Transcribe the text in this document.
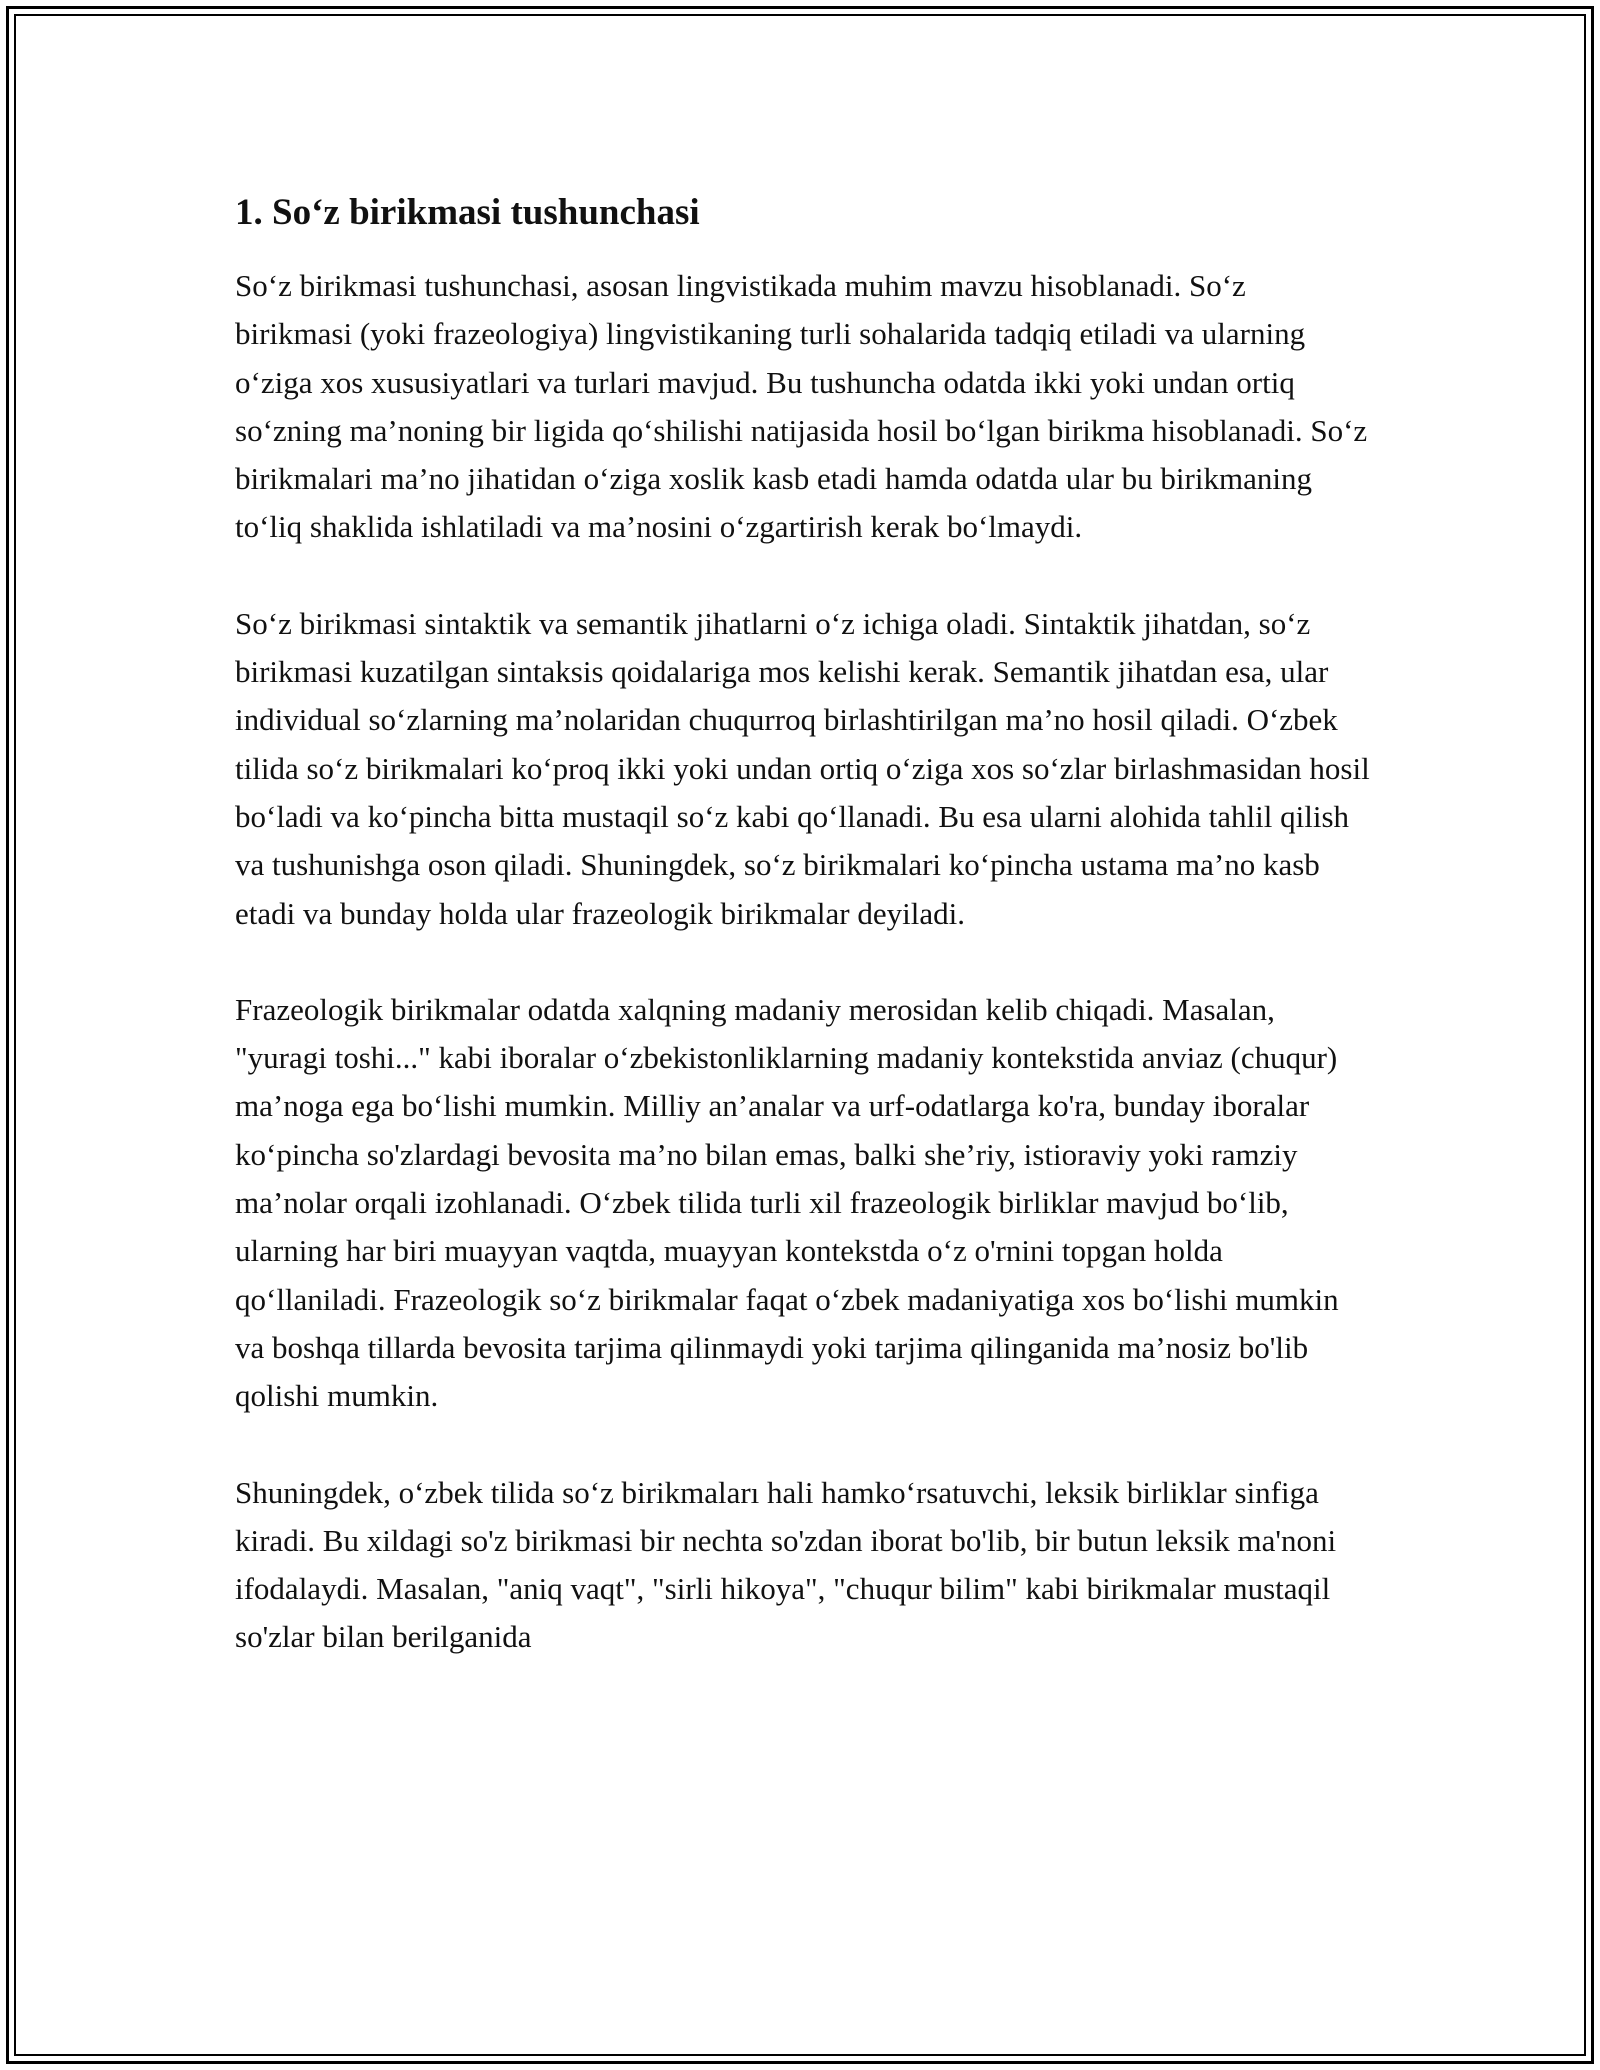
1. So‘z birikmasi tushunchasi

So‘z birikmasi tushunchasi, asosan lingvistikada muhim mavzu hisoblanadi. So‘z birikmasi (yoki frazeologiya) lingvistikaning turli sohalarida tadqiq etiladi va ularning o‘ziga xos xususiyatlari va turlari mavjud. Bu tushuncha odatda ikki yoki undan ortiq so‘zning ma’noning bir ligida qo‘shilishi natijasida hosil bo‘lgan birikma hisoblanadi. So‘z birikmalari ma’no jihatidan o‘ziga xoslik kasb etadi hamda odatda ular bu birikmaning to‘liq shaklida ishlatiladi va ma’nosini o‘zgartirish kerak bo‘lmaydi.

So‘z birikmasi sintaktik va semantik jihatlarni o‘z ichiga oladi. Sintaktik jihatdan, so‘z birikmasi kuzatilgan sintaksis qoidalariga mos kelishi kerak. Semantik jihatdan esa, ular individual so‘zlarning ma’nolaridan chuqurroq birlashtirilgan ma’no hosil qiladi. O‘zbek tilida so‘z birikmalari ko‘proq ikki yoki undan ortiq o‘ziga xos so‘zlar birlashmasidan hosil bo‘ladi va ko‘pincha bitta mustaqil so‘z kabi qo‘llanadi. Bu esa ularni alohida tahlil qilish va tushunishga oson qiladi. Shuningdek, so‘z birikmalari ko‘pincha ustama ma’no kasb etadi va bunday holda ular frazeologik birikmalar deyiladi.

Frazeologik birikmalar odatda xalqning madaniy merosidan kelib chiqadi. Masalan, "yuragi toshi..." kabi iboralar o‘zbekistonliklarning madaniy kontekstida anviaz (chuqur) ma’noga ega bo‘lishi mumkin. Milliy an’analar va urf-odatlarga ko'ra, bunday iboralar ko‘pincha so'zlardagi bevosita ma’no bilan emas, balki she’riy, istioraviy yoki ramziy ma’nolar orqali izohlanadi. O‘zbek tilida turli xil frazeologik birliklar mavjud bo‘lib, ularning har biri muayyan vaqtda, muayyan kontekstda o‘z o'rnini topgan holda qo‘llaniladi. Frazeologik so‘z birikmalar faqat o‘zbek madaniyatiga xos bo‘lishi mumkin va boshqa tillarda bevosita tarjima qilinmaydi yoki tarjima qilinganida ma’nosiz bo'lib qolishi mumkin.

Shuningdek, o‘zbek tilida so‘z birikmaları hali hamko‘rsatuvchi, leksik birliklar sinfiga kiradi. Bu xildagi so'z birikmasi bir nechta so'zdan iborat bo'lib, bir butun leksik ma'noni ifodalaydi. Masalan, "aniq vaqt", "sirli hikoya", "chuqur bilim" kabi birikmalar mustaqil so'zlar bilan berilganida
